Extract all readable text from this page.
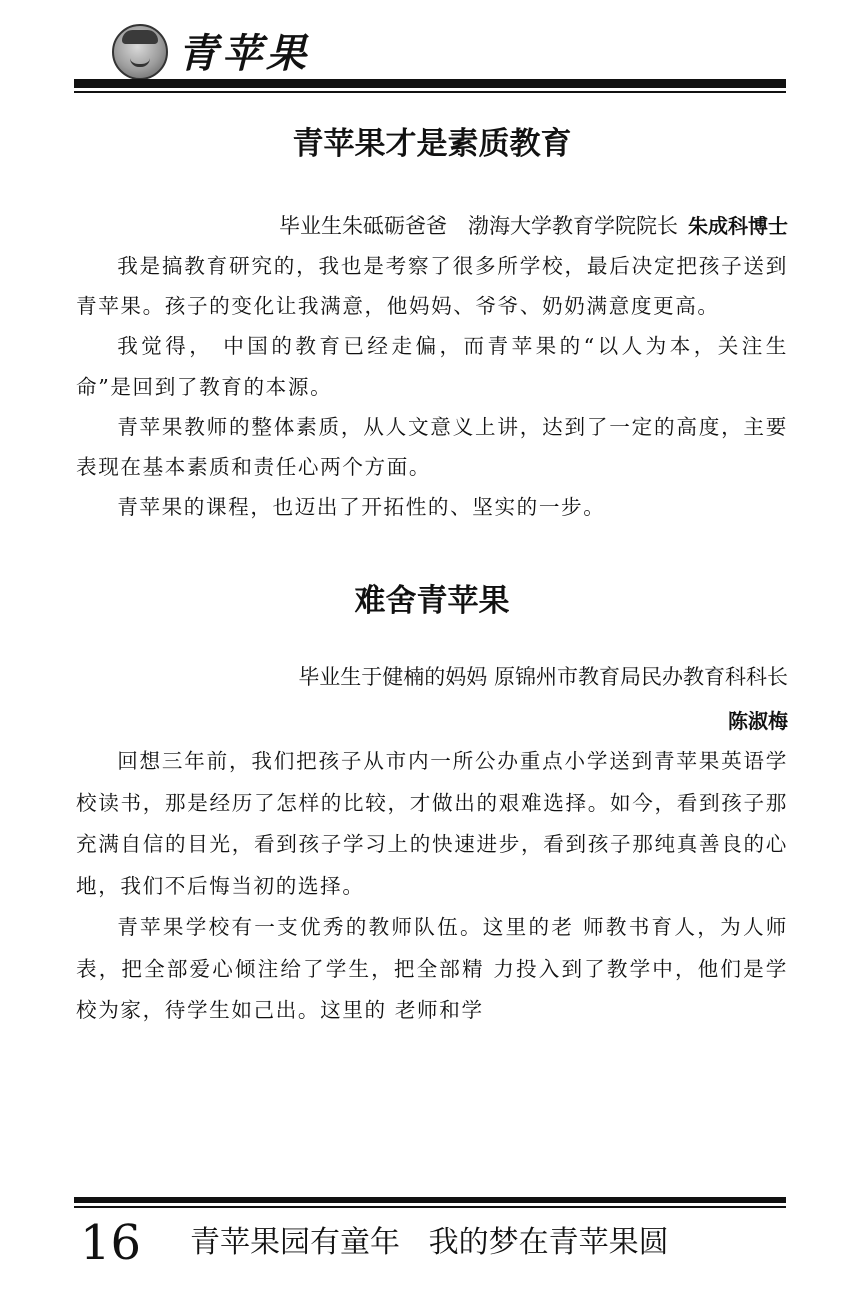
青苹果
青苹果才是素质教育
毕业生朱砥砺爸爸　渤海大学教育学院院长 朱成科博士

我是搞教育研究的，我也是考察了很多所学校，最后决定把孩子送到青苹果。孩子的变化让我满意，他妈妈、爷爷、奶奶满意度更高。

我觉得， 中国的教育已经走偏，而青苹果的“以人为本，关注生命”是回到了教育的本源。

青苹果教师的整体素质，从人文意义上讲，达到了一定的高度，主要表现在基本素质和责任心两个方面。

青苹果的课程，也迈出了开拓性的、坚实的一步。

难舍青苹果
毕业生于健楠的妈妈 原锦州市教育局民办教育科科长
陈淑梅

回想三年前，我们把孩子从市内一所公办重点小学送到青苹果英语学校读书，那是经历了怎样的比较，才做出的艰难选择。如今，看到孩子那充满自信的目光，看到孩子学习上的快速进步，看到孩子那纯真善良的心地，我们不后悔当初的选择。

青苹果学校有一支优秀的教师队伍。这里的老 师教书育人，为人师表，把全部爱心倾注给了学生，把全部精 力投入到了教学中，他们是学校为家，待学生如己出。这里的 老师和学

16 青苹果园有童年   我的梦在青苹果圆
